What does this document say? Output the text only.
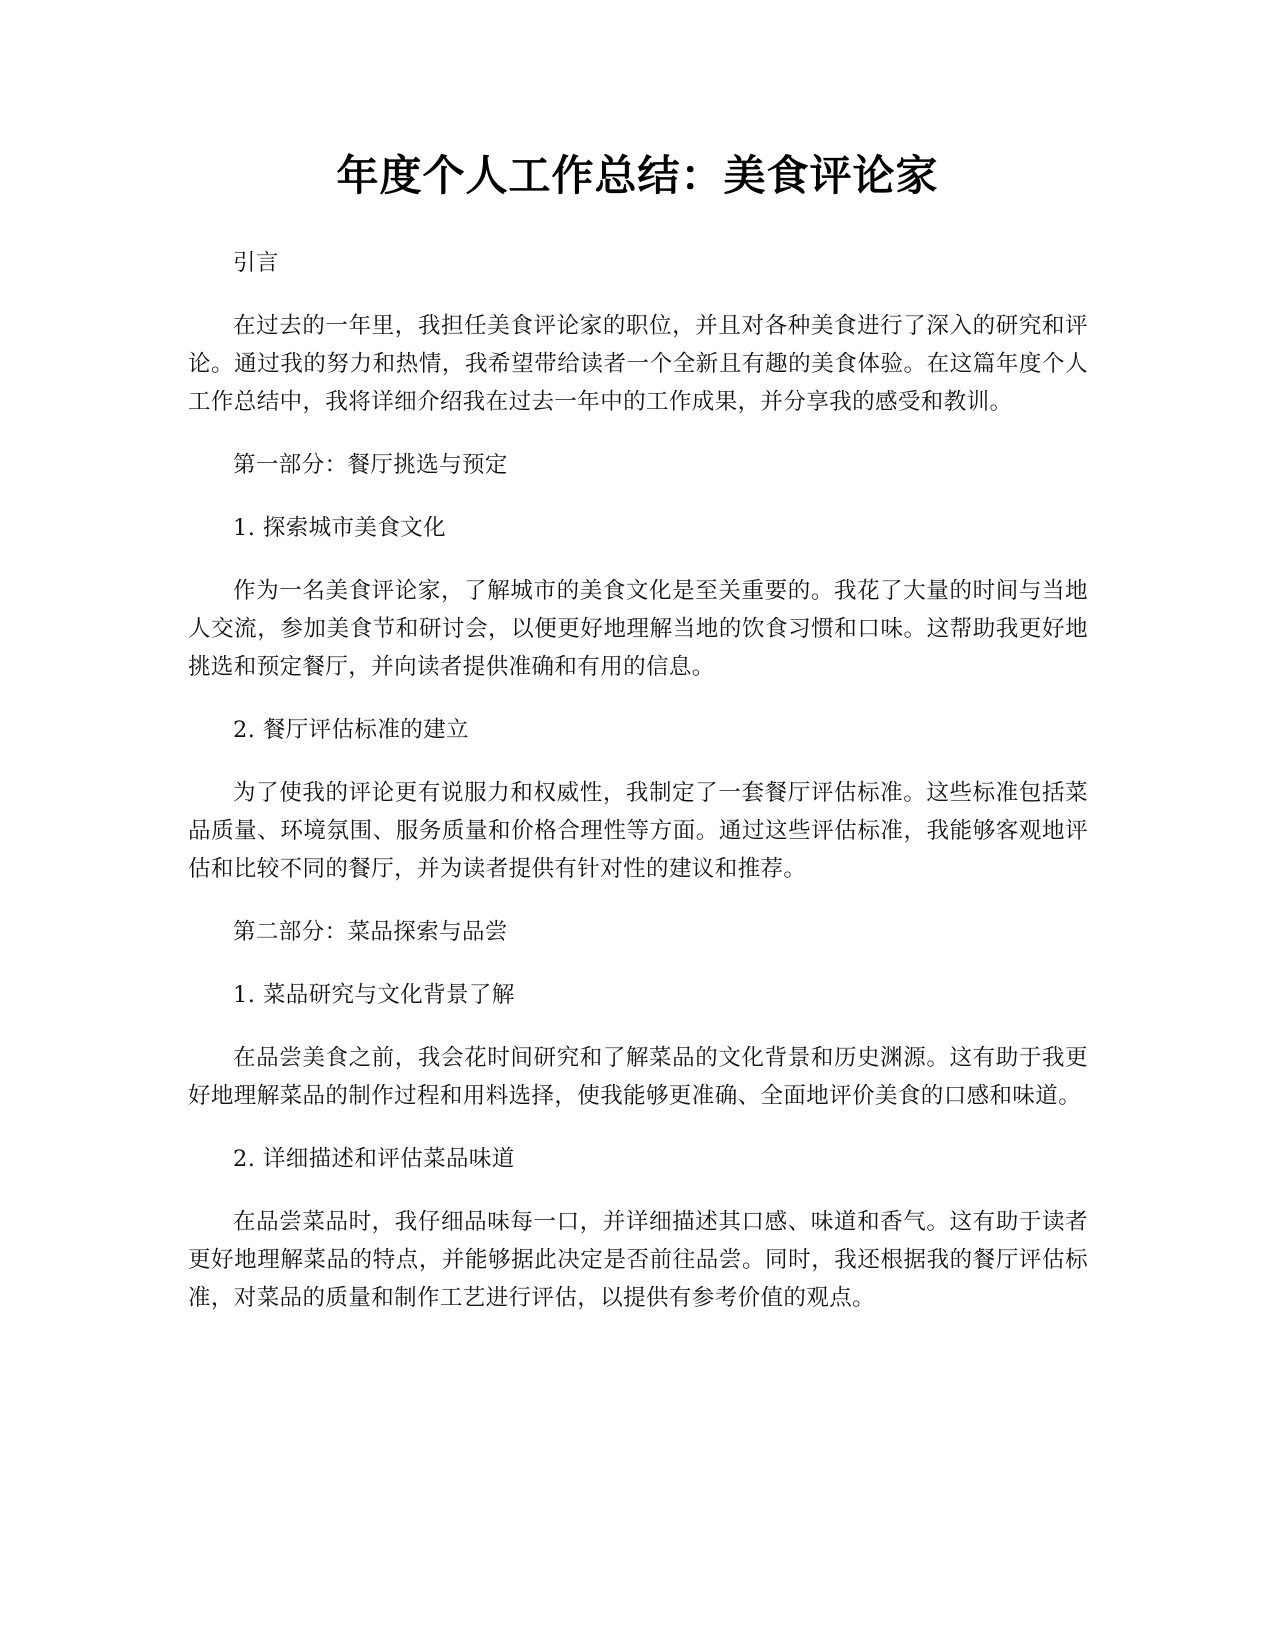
年度个人工作总结：美食评论家

引言

在过去的一年里，我担任美食评论家的职位，并且对各种美食进行了深入的研究和评论。通过我的努力和热情，我希望带给读者一个全新且有趣的美食体验。在这篇年度个人工作总结中，我将详细介绍我在过去一年中的工作成果，并分享我的感受和教训。

第一部分：餐厅挑选与预定

1. 探索城市美食文化

作为一名美食评论家，了解城市的美食文化是至关重要的。我花了大量的时间与当地人交流，参加美食节和研讨会，以便更好地理解当地的饮食习惯和口味。这帮助我更好地挑选和预定餐厅，并向读者提供准确和有用的信息。

2. 餐厅评估标准的建立

为了使我的评论更有说服力和权威性，我制定了一套餐厅评估标准。这些标准包括菜品质量、环境氛围、服务质量和价格合理性等方面。通过这些评估标准，我能够客观地评估和比较不同的餐厅，并为读者提供有针对性的建议和推荐。

第二部分：菜品探索与品尝

1. 菜品研究与文化背景了解

在品尝美食之前，我会花时间研究和了解菜品的文化背景和历史渊源。这有助于我更好地理解菜品的制作过程和用料选择，使我能够更准确、全面地评价美食的口感和味道。

2. 详细描述和评估菜品味道

在品尝菜品时，我仔细品味每一口，并详细描述其口感、味道和香气。这有助于读者更好地理解菜品的特点，并能够据此决定是否前往品尝。同时，我还根据我的餐厅评估标准，对菜品的质量和制作工艺进行评估，以提供有参考价值的观点。
